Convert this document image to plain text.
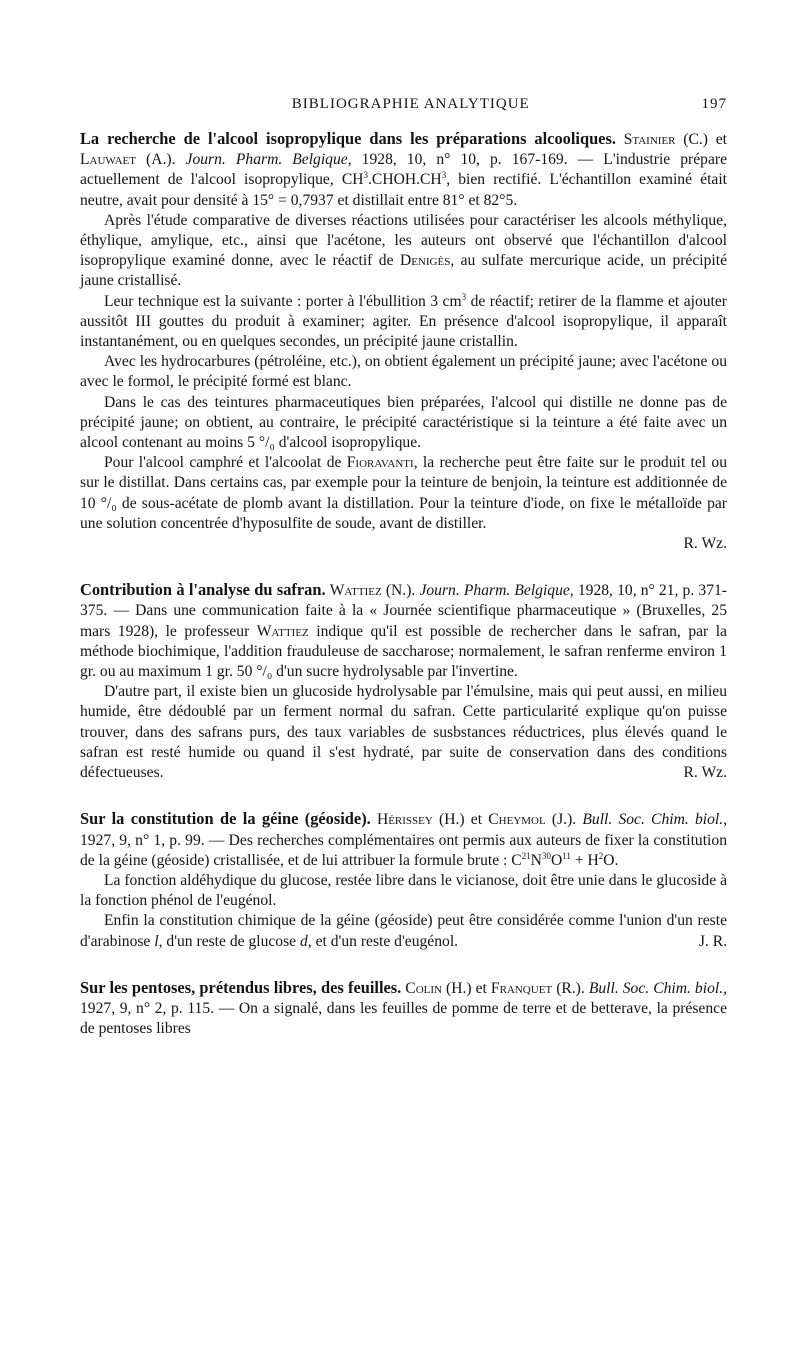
BIBLIOGRAPHIE ANALYTIQUE	197

La recherche de l'alcool isopropylique dans les préparations alcooliques. Stainier (C.) et Lauwaet (A.). Journ. Pharm. Belgique, 1928, 10, n° 10, p. 167-169. — L'industrie prépare actuellement de l'alcool isopropylique, $CH^3.CHOH.CH^3$, bien rectifié. L'échantillon examiné était neutre, avait pour densité à 15° = 0,7937 et distillait entre 81° et 82°5.

Après l'étude comparative de diverses réactions utilisées pour caractériser les alcools méthylique, éthylique, amylique, etc., ainsi que l'acétone, les auteurs ont observé que l'échantillon d'alcool isopropylique examiné donne, avec le réactif de Denigès, au sulfate mercurique acide, un précipité jaune cristallisé.

Leur technique est la suivante : porter à l'ébullition 3 $cm^3$ de réactif; retirer de la flamme et ajouter aussitôt III gouttes du produit à examiner; agiter. En présence d'alcool isopropylique, il apparaît instantanément, ou en quelques secondes, un précipité jaune cristallin.

Avec les hydrocarbures (pétroléine, etc.), on obtient également un précipité jaune; avec l'acétone ou avec le formol, le précipité formé est blanc.

Dans le cas des teintures pharmaceutiques bien préparées, l'alcool qui distille ne donne pas de précipité jaune; on obtient, au contraire, le précipité caractéristique si la teinture a été faite avec un alcool contenant au moins 5 °/₀ d'alcool isopropylique.

Pour l'alcool camphré et l'alcoolat de Fioravanti, la recherche peut être faite sur le produit tel ou sur le distillat. Dans certains cas, par exemple pour la teinture de benjoin, la teinture est additionnée de 10 °/₀ de sous-acétate de plomb avant la distillation. Pour la teinture d'iode, on fixe le métalloïde par une solution concentrée d'hyposulfite de soude, avant de distiller.

R. Wz.

Contribution à l'analyse du safran. Wattiez (N.). Journ. Pharm. Belgique, 1928, 10, n° 21, p. 371-375. — Dans une communication faite à la « Journée scientifique pharmaceutique » (Bruxelles, 25 mars 1928), le professeur Wattiez indique qu'il est possible de rechercher dans le safran, par la méthode biochimique, l'addition frauduleuse de saccharose; normalement, le safran renferme environ 1 gr. ou au maximum 1 gr. 50 °/₀ d'un sucre hydrolysable par l'invertine.

D'autre part, il existe bien un glucoside hydrolysable par l'émulsine, mais qui peut aussi, en milieu humide, être dédoublé par un ferment normal du safran. Cette particularité explique qu'on puisse trouver, dans des safrans purs, des taux variables de susbstances réductrices, plus élevés quand le safran est resté humide ou quand il s'est hydraté, par suite de conservation dans des conditions défectueuses.	R. Wz.

Sur la constitution de la géine (géoside). Hérissey (H.) et Cheymol (J.). Bull. Soc. Chim. biol., 1927, 9, n° 1, p. 99. — Des recherches complémentaires ont permis aux auteurs de fixer la constitution de la géine (géoside) cristallisée, et de lui attribuer la formule brute : $C^{21}N^{30}O^{11} + H^2O$.

La fonction aldéhydique du glucose, restée libre dans le vicianose, doit être unie dans le glucoside à la fonction phénol de l'eugénol.

Enfin la constitution chimique de la géine (géoside) peut être considérée comme l'union d'un reste d'arabinose l, d'un reste de glucose d, et d'un reste d'eugénol.	J. R.

Sur les pentoses, prétendus libres, des feuilles. Colin (H.) et Franquet (R.). Bull. Soc. Chim. biol., 1927, 9, n° 2, p. 115. — On a signalé, dans les feuilles de pomme de terre et de betterave, la présence de pentoses libres
